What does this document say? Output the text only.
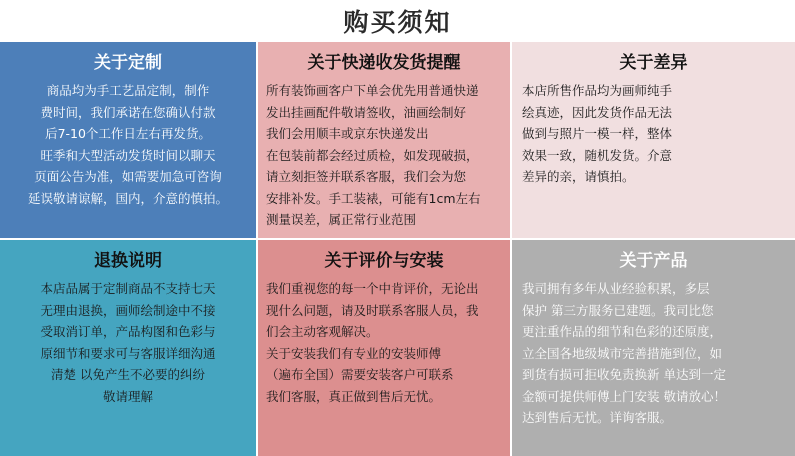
购买须知
关于定制
商品均为手工艺品定制，制作
费时间，我们承诺在您确认付款
后7-10个工作日左右再发货。
旺季和大型活动发货时间以聊天
页面公告为准，如需要加急可咨询
延误敬请谅解，国内，介意的慎拍。
关于快递收发货提醒
所有装饰画客户下单会优先用普通快递
发出挂画配件敬请签收，油画绘制好
我们会用顺丰或京东快递发出
在包装前都会经过质检，如发现破损，
请立刻拒签并联系客服，我们会为您
安排补发。手工装裱，可能有1cm左右
测量误差，属正常行业范围
关于差异
本店所售作品均为画师纯手
绘真迹，因此发货作品无法
做到与照片一模一样，整体
效果一致，随机发货。介意
差异的亲，请慎拍。
退换说明
本店品属于定制商品不支持七天
无理由退换，画师绘制途中不接
受取消订单，产品构图和色彩与
原细节和要求可与客服详细沟通
清楚 以免产生不必要的纠纷
敬请理解
关于评价与安装
我们重视您的每一个中肯评价，无论出
现什么问题，请及时联系客服人员，我
们会主动客观解决。
关于安装我们有专业的安装师傅
（遍布全国）需要安装客户可联系
我们客服，真正做到售后无忧。
关于产品
我司拥有多年从业经验积累，多层
保护 第三方服务已建题。我司比您
更注重作品的细节和色彩的还原度，
立全国各地级城市完善措施到位，如
到货有损可拒收免责换新 单达到一定
金额可提供师傅上门安装 敬请放心！
达到售后无忧。详询客服。
